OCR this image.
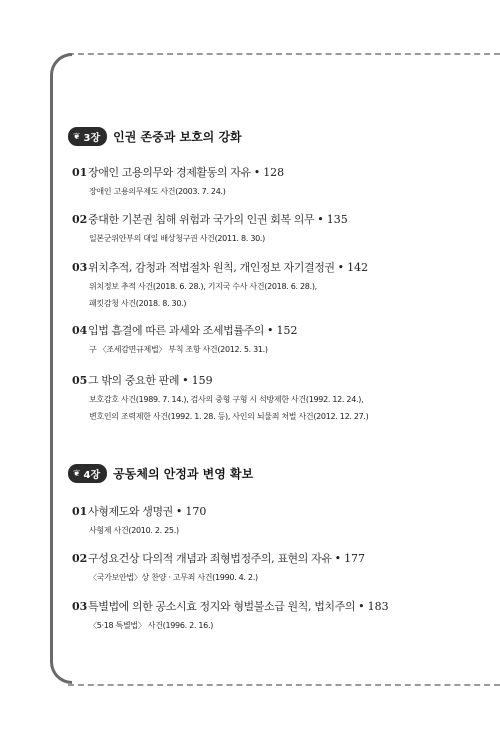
❦ 3장 인권 존중과 보호의 강화
01 장애인 고용의무와 경제활동의 자유 • 128
장애인 고용의무제도 사건(2003. 7. 24.)
02 중대한 기본권 침해 위험과 국가의 인권 회복 의무 • 135
일본군위안부의 대일 배상청구권 사건(2011. 8. 30.)
03 위치추적, 감청과 적법절차 원칙, 개인정보 자기결정권 • 142
위치정보 추적 사건(2018. 6. 28.), 기지국 수사 사건(2018. 6. 28.),
패킷감청 사건(2018. 8. 30.)
04 입법 흠결에 따른 과세와 조세법률주의 • 152
구 〈조세감면규제법〉 부칙 조항 사건(2012. 5. 31.)
05 그 밖의 중요한 판례 • 159
보호감호 사건(1989. 7. 14.), 검사의 중형 구형 시 석방제한 사건(1992. 12. 24.),
변호인의 조력제한 사건(1992. 1. 28. 등), 사인의 뇌물죄 처벌 사건(2012. 12. 27.)
❦ 4장 공동체의 안정과 변영 확보
01 사형제도와 생명권 • 170
사형제 사건(2010. 2. 25.)
02 구성요건상 다의적 개념과 죄형법정주의, 표현의 자유 • 177
〈국가보안법〉상 찬양 · 고무죄 사건(1990. 4. 2.)
03 특별법에 의한 공소시효 정지와 형벌불소급 원칙, 법치주의 • 183
〈5·18 특별법〉 사건(1996. 2. 16.)
